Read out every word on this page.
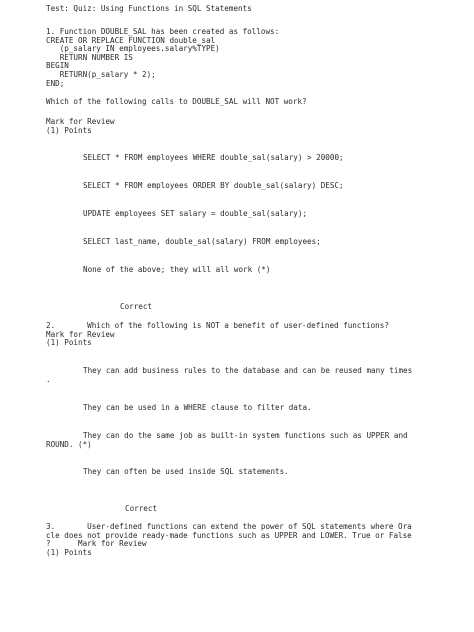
Test: Quiz: Using Functions in SQL Statements
1. Function DOUBLE_SAL has been created as follows:
CREATE OR REPLACE FUNCTION double_sal
(p_salary IN employees.salary%TYPE)
RETURN NUMBER IS
BEGIN
RETURN(p_salary * 2);
END;
Which of the following calls to DOUBLE_SAL will NOT work?
Mark for Review
(1) Points
SELECT * FROM employees WHERE double_sal(salary) > 20000;
SELECT * FROM employees ORDER BY double_sal(salary) DESC;
UPDATE employees SET salary = double_sal(salary);
SELECT last_name, double_sal(salary) FROM employees;
None of the above; they will all work (*)
Correct
2.       Which of the following is NOT a benefit of user-defined functions?
Mark for Review
(1) Points
They can add business rules to the database and can be reused many times
.
They can be used in a WHERE clause to filter data.
They can do the same job as built-in system functions such as UPPER and
ROUND. (*)
They can often be used inside SQL statements.
Correct
3.       User-defined functions can extend the power of SQL statements where Ora
cle does not provide ready-made functions such as UPPER and LOWER. True or False
?      Mark for Review
(1) Points
